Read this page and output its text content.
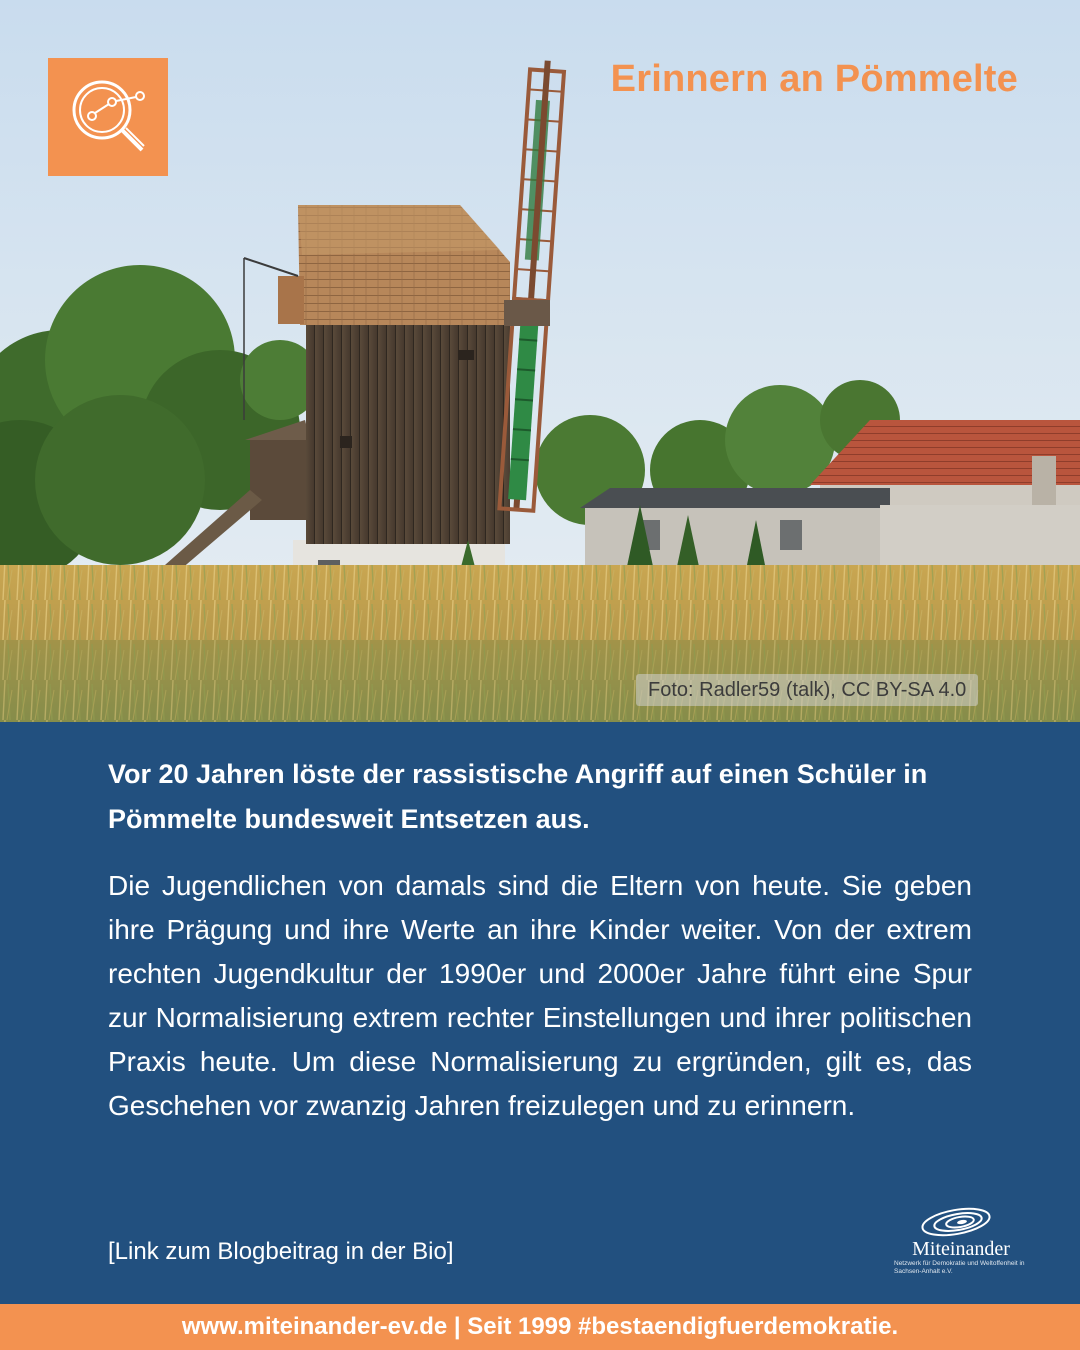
Erinnern an Pömmelte
Foto: Radler59 (talk), CC BY-SA 4.0
Vor 20 Jahren löste der rassistische Angriff auf einen Schüler in Pömmelte bundesweit Entsetzen aus.
Die Jugendlichen von damals sind die Eltern von heute. Sie geben ihre Prägung und ihre Werte an ihre Kinder weiter. Von der extrem rechten Jugendkultur der 1990er und 2000er Jahre führt eine Spur zur Normalisierung extrem rechter Einstellungen und ihrer politischen Praxis heute. Um diese Normalisierung zu ergründen, gilt es, das Geschehen vor zwanzig Jahren freizulegen und zu erinnern.
[Link zum Blogbeitrag in der Bio]	Miteinander
Netzwerk für Demokratie und Weltoffenheit in Sachsen-Anhalt e.V.
www.miteinander-ev.de | Seit 1999 #bestaendigfuerdemokratie.
